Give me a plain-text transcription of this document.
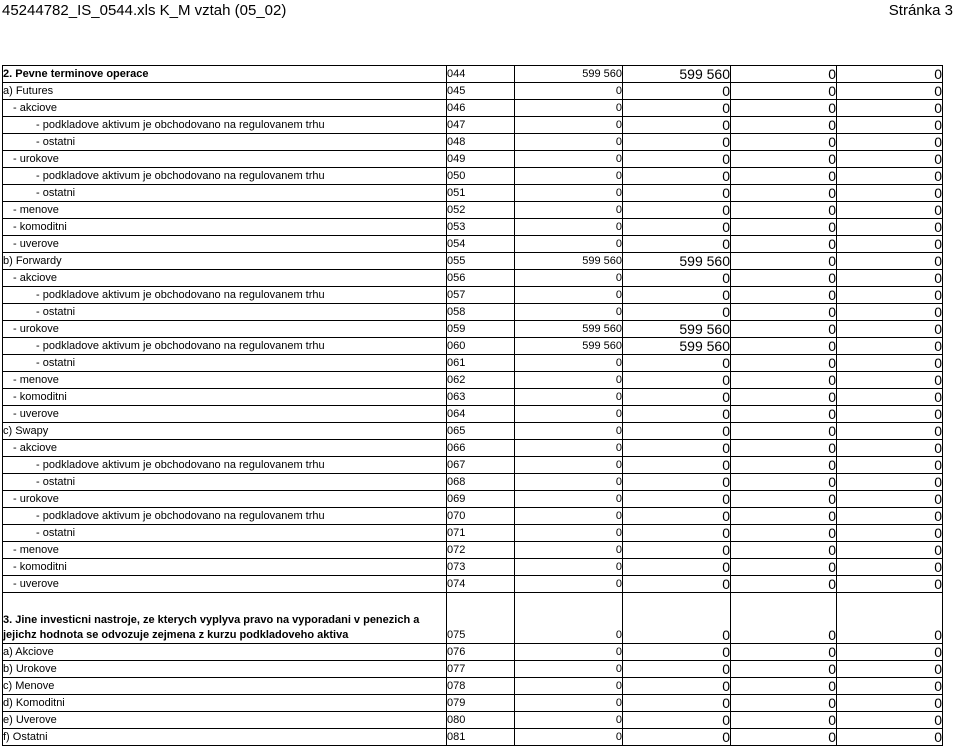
45244782_IS_0544.xls K_M vztah (05_02)	Stránka 3
2. Pevne terminove operace	044	599 560	599 560	0	0
a) Futures	045	0	0	0	0
- akciove	046	0	0	0	0
- podkladove aktivum je obchodovano na regulovanem trhu	047	0	0	0	0
- ostatni	048	0	0	0	0
- urokove	049	0	0	0	0
- podkladove aktivum je obchodovano na regulovanem trhu	050	0	0	0	0
- ostatni	051	0	0	0	0
- menove	052	0	0	0	0
- komoditni	053	0	0	0	0
- uverove	054	0	0	0	0
b) Forwardy	055	599 560	599 560	0	0
- akciove	056	0	0	0	0
- podkladove aktivum je obchodovano na regulovanem trhu	057	0	0	0	0
- ostatni	058	0	0	0	0
- urokove	059	599 560	599 560	0	0
- podkladove aktivum je obchodovano na regulovanem trhu	060	599 560	599 560	0	0
- ostatni	061	0	0	0	0
- menove	062	0	0	0	0
- komoditni	063	0	0	0	0
- uverove	064	0	0	0	0
c) Swapy	065	0	0	0	0
- akciove	066	0	0	0	0
- podkladove aktivum je obchodovano na regulovanem trhu	067	0	0	0	0
- ostatni	068	0	0	0	0
- urokove	069	0	0	0	0
- podkladove aktivum je obchodovano na regulovanem trhu	070	0	0	0	0
- ostatni	071	0	0	0	0
- menove	072	0	0	0	0
- komoditni	073	0	0	0	0
- uverove	074	0	0	0	0
3. Jine investicni nastroje, ze kterych vyplyva pravo na vyporadani v penezich a jejichz hodnota se odvozuje zejmena z kurzu podkladoveho aktiva	075	0	0	0	0
a) Akciove	076	0	0	0	0
b) Urokove	077	0	0	0	0
c) Menove	078	0	0	0	0
d) Komoditni	079	0	0	0	0
e) Uverove	080	0	0	0	0
f) Ostatni	081	0	0	0	0
